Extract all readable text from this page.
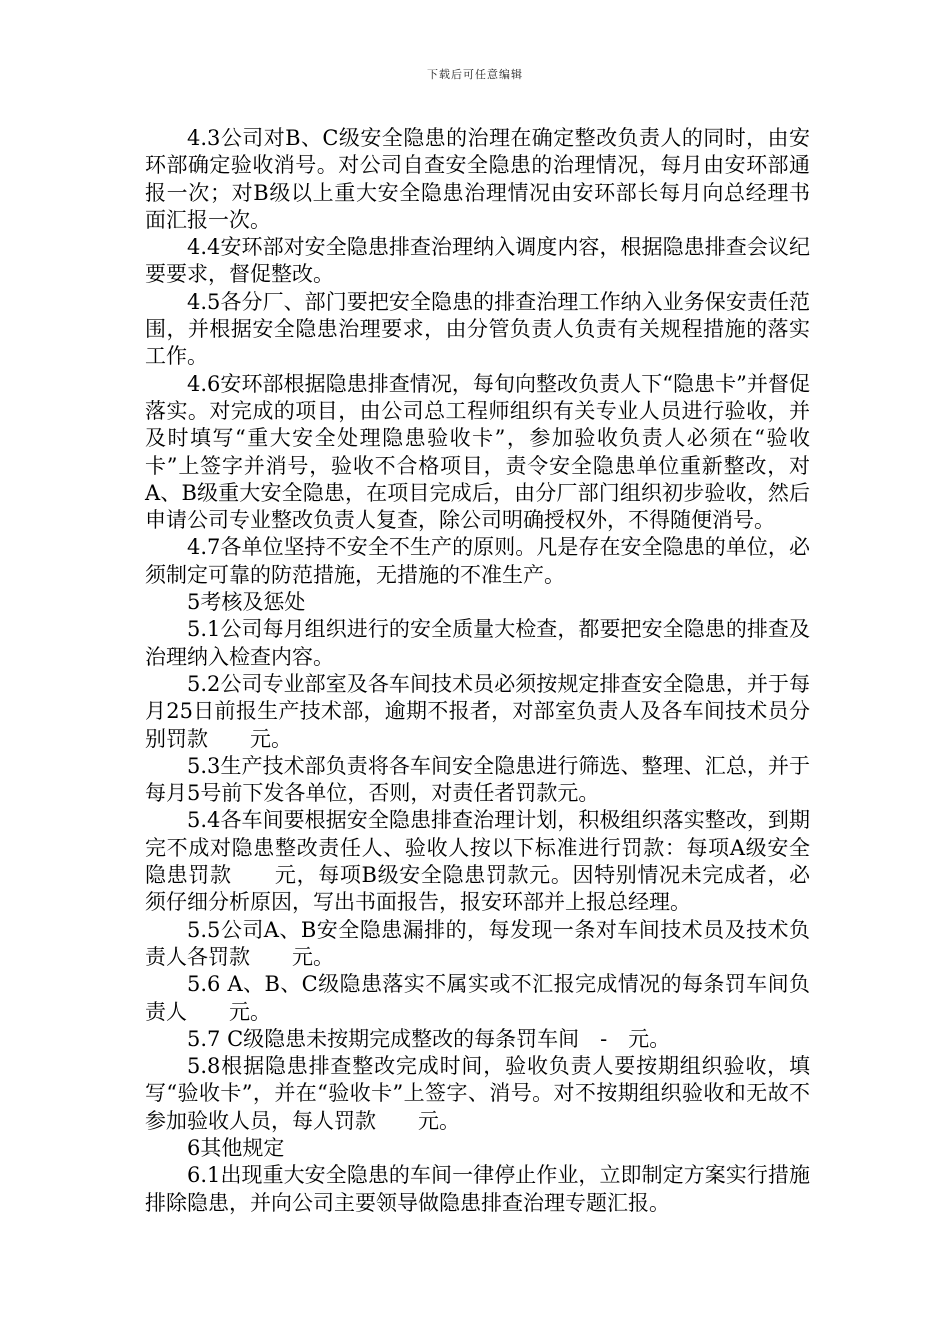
下载后可任意编辑

4.3公司对B、C级安全隐患的治理在确定整改负责人的同时，由安环部确定验收消号。对公司自查安全隐患的治理情况，每月由安环部通报一次；对B级以上重大安全隐患治理情况由安环部长每月向总经理书面汇报一次。

4.4安环部对安全隐患排查治理纳入调度内容，根据隐患排查会议纪要要求，督促整改。

4.5各分厂、部门要把安全隐患的排查治理工作纳入业务保安责任范围，并根据安全隐患治理要求，由分管负责人负责有关规程措施的落实工作。

4.6安环部根据隐患排查情况，每旬向整改负责人下“隐患卡”并督促落实。对完成的项目，由公司总工程师组织有关专业人员进行验收，并及时填写“重大安全处理隐患验收卡”，参加验收负责人必须在“验收卡”上签字并消号，验收不合格项目，责令安全隐患单位重新整改，对A、B级重大安全隐患，在项目完成后，由分厂部门组织初步验收，然后申请公司专业整改负责人复查，除公司明确授权外，不得随便消号。

4.7各单位坚持不安全不生产的原则。凡是存在安全隐患的单位，必须制定可靠的防范措施，无措施的不准生产。

5考核及惩处

5.1公司每月组织进行的安全质量大检查，都要把安全隐患的排查及治理纳入检查内容。

5.2公司专业部室及各车间技术员必须按规定排查安全隐患，并于每月25日前报生产技术部，逾期不报者，对部室负责人及各车间技术员分别罚款　　元。

5.3生产技术部负责将各车间安全隐患进行筛选、整理、汇总，并于每月5号前下发各单位，否则，对责任者罚款元。

5.4各车间要根据安全隐患排查治理计划，积极组织落实整改，到期完不成对隐患整改责任人、验收人按以下标准进行罚款：每项A级安全隐患罚款　　元，每项B级安全隐患罚款元。因特别情况未完成者，必须仔细分析原因，写出书面报告，报安环部并上报总经理。

5.5公司A、B安全隐患漏排的，每发现一条对车间技术员及技术负责人各罚款　　元。

5.6 A、B、C级隐患落实不属实或不汇报完成情况的每条罚车间负责人　　元。

5.7 C级隐患未按期完成整改的每条罚车间　-　元。

5.8根据隐患排查整改完成时间，验收负责人要按期组织验收，填写“验收卡”，并在“验收卡”上签字、消号。对不按期组织验收和无故不参加验收人员，每人罚款　　元。

6其他规定

6.1出现重大安全隐患的车间一律停止作业，立即制定方案实行措施排除隐患，并向公司主要领导做隐患排查治理专题汇报。
